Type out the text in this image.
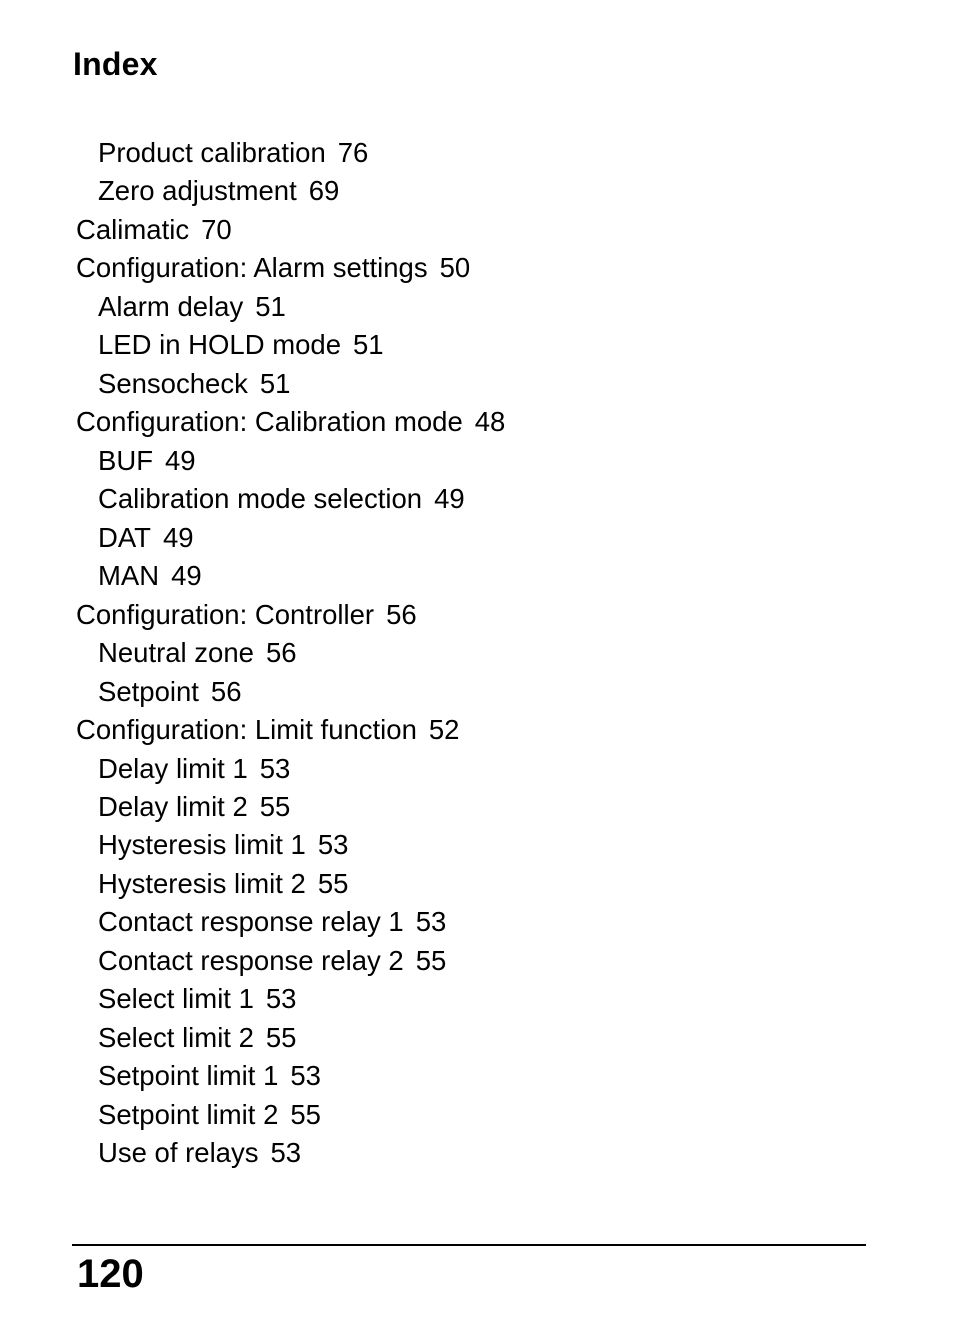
Index
Product calibration 76
Zero adjustment 69
Calimatic 70
Configuration: Alarm settings 50
Alarm delay 51
LED in HOLD mode 51
Sensocheck 51
Configuration: Calibration mode 48
BUF 49
Calibration mode selection 49
DAT 49
MAN 49
Configuration: Controller 56
Neutral zone 56
Setpoint 56
Configuration: Limit function 52
Delay limit 1 53
Delay limit 2 55
Hysteresis limit 1 53
Hysteresis limit 2 55
Contact response relay 1 53
Contact response relay 2 55
Select limit 1 53
Select limit 2 55
Setpoint limit 1 53
Setpoint limit 2 55
Use of relays 53
120
